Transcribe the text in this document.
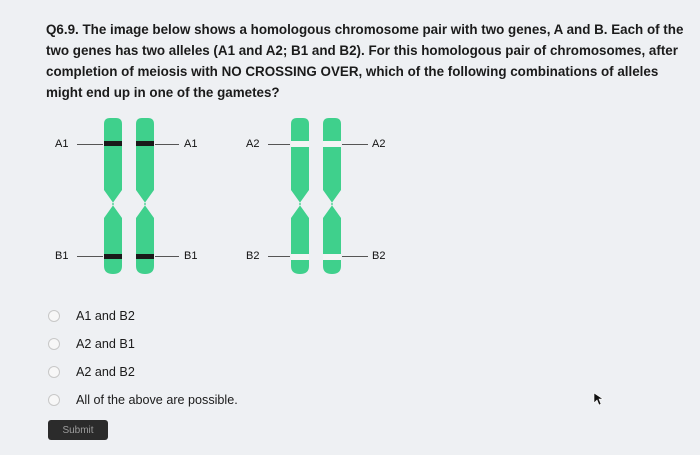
Q6.9. The image below shows a homologous chromosome pair with two genes, A and B. Each of the two genes has two alleles (A1 and A2; B1 and B2). For this homologous pair of chromosomes, after completion of meiosis with NO CROSSING OVER, which of the following combinations of alleles might end up in one of the gametes?
A1	A1
B1	B1
A2	A2
B2	B2
A1 and B2
A2 and B1
A2 and B2
All of the above are possible.
Submit
